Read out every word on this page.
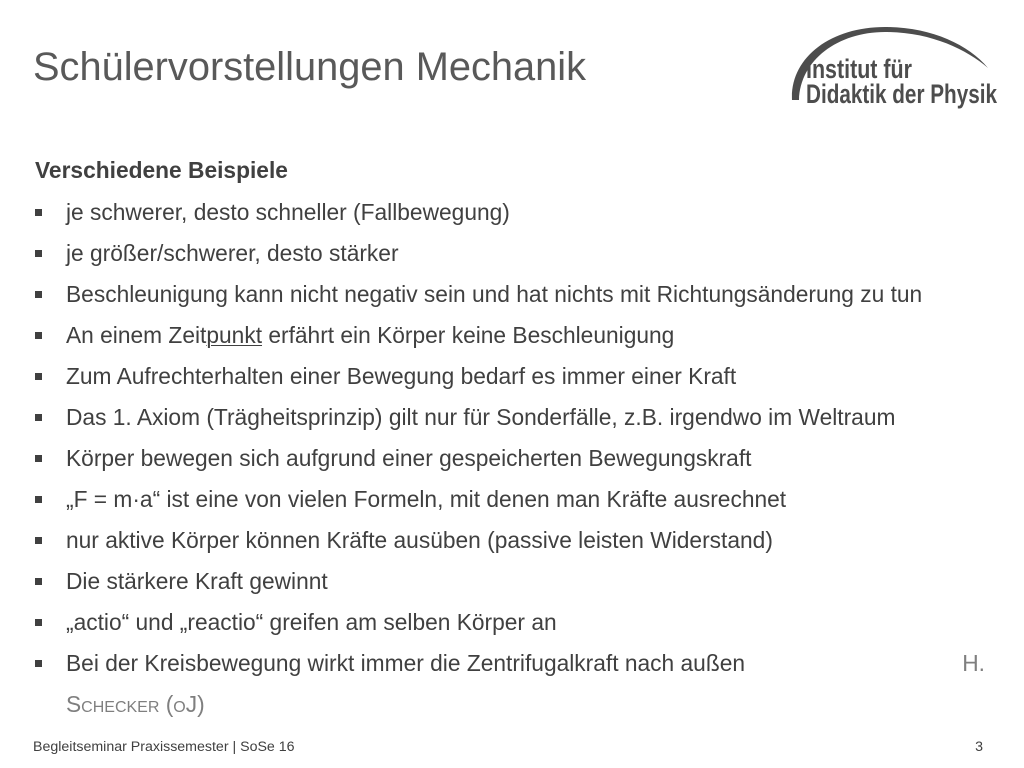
Schülervorstellungen Mechanik	Institut für
Didaktik der Physik
Verschiedene Beispiele
je schwerer, desto schneller (Fallbewegung)
je größer/schwerer, desto stärker
Beschleunigung kann nicht negativ sein und hat nichts mit Richtungsänderung zu tun
An einem Zeitpunkt erfährt ein Körper keine Beschleunigung
Zum Aufrechterhalten einer Bewegung bedarf es immer einer Kraft
Das 1. Axiom (Trägheitsprinzip) gilt nur für Sonderfälle, z.B. irgendwo im Weltraum
Körper bewegen sich aufgrund einer gespeicherten Bewegungskraft
„F = m·a“ ist eine von vielen Formeln, mit denen man Kräfte ausrechnet
nur aktive Körper können Kräfte ausüben (passive leisten Widerstand)
Die stärkere Kraft gewinnt
„actio“ und „reactio“ greifen am selben Körper an
Bei der Kreisbewegung wirkt immer die Zentrifugalkraft nach außen	H.
Schecker (oJ)
Begleitseminar Praxissemester | SoSe 16	3
